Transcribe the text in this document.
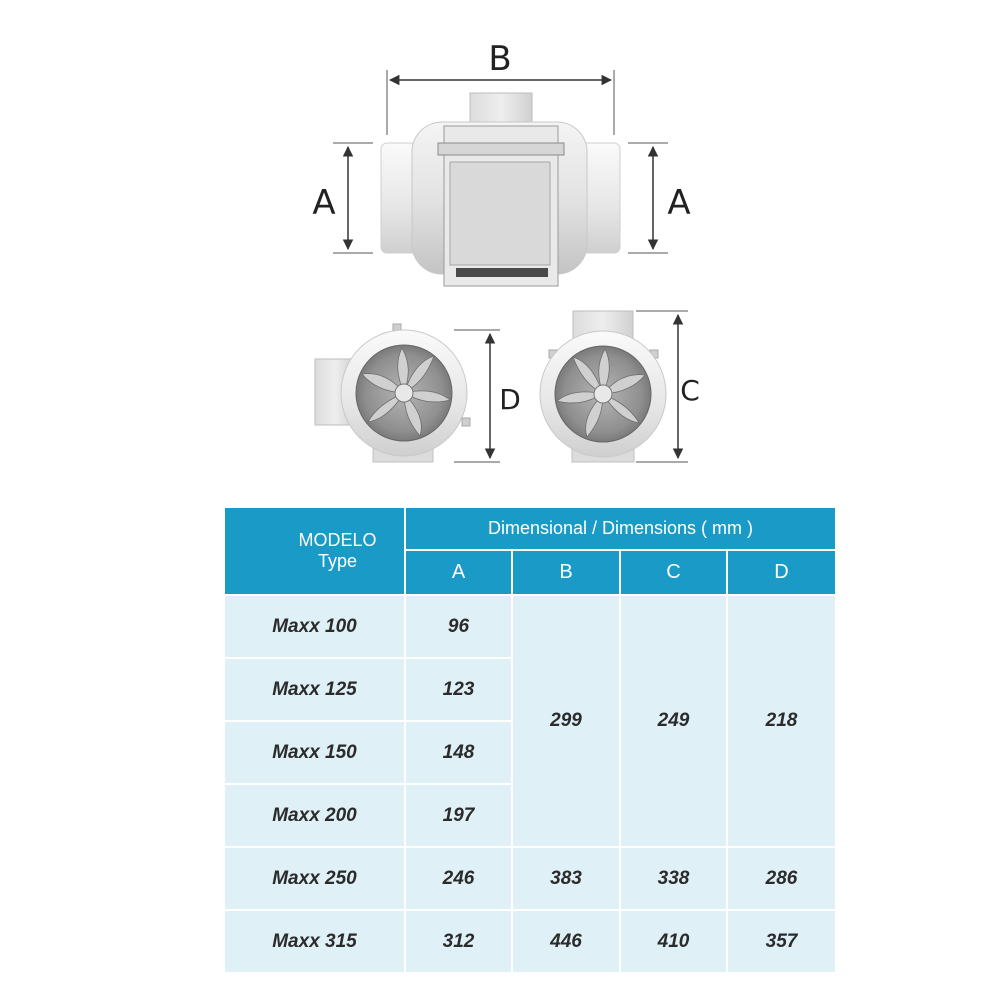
B
A	A
D	C
MODELO
Type	Dimensional / Dimensions ( mm )			
	A	B	C	D
Maxx 100	96	299	249	218
Maxx 125	123			
Maxx 150	148			
Maxx 200	197			
Maxx 250	246	383	338	286
Maxx 315	312	446	410	357
